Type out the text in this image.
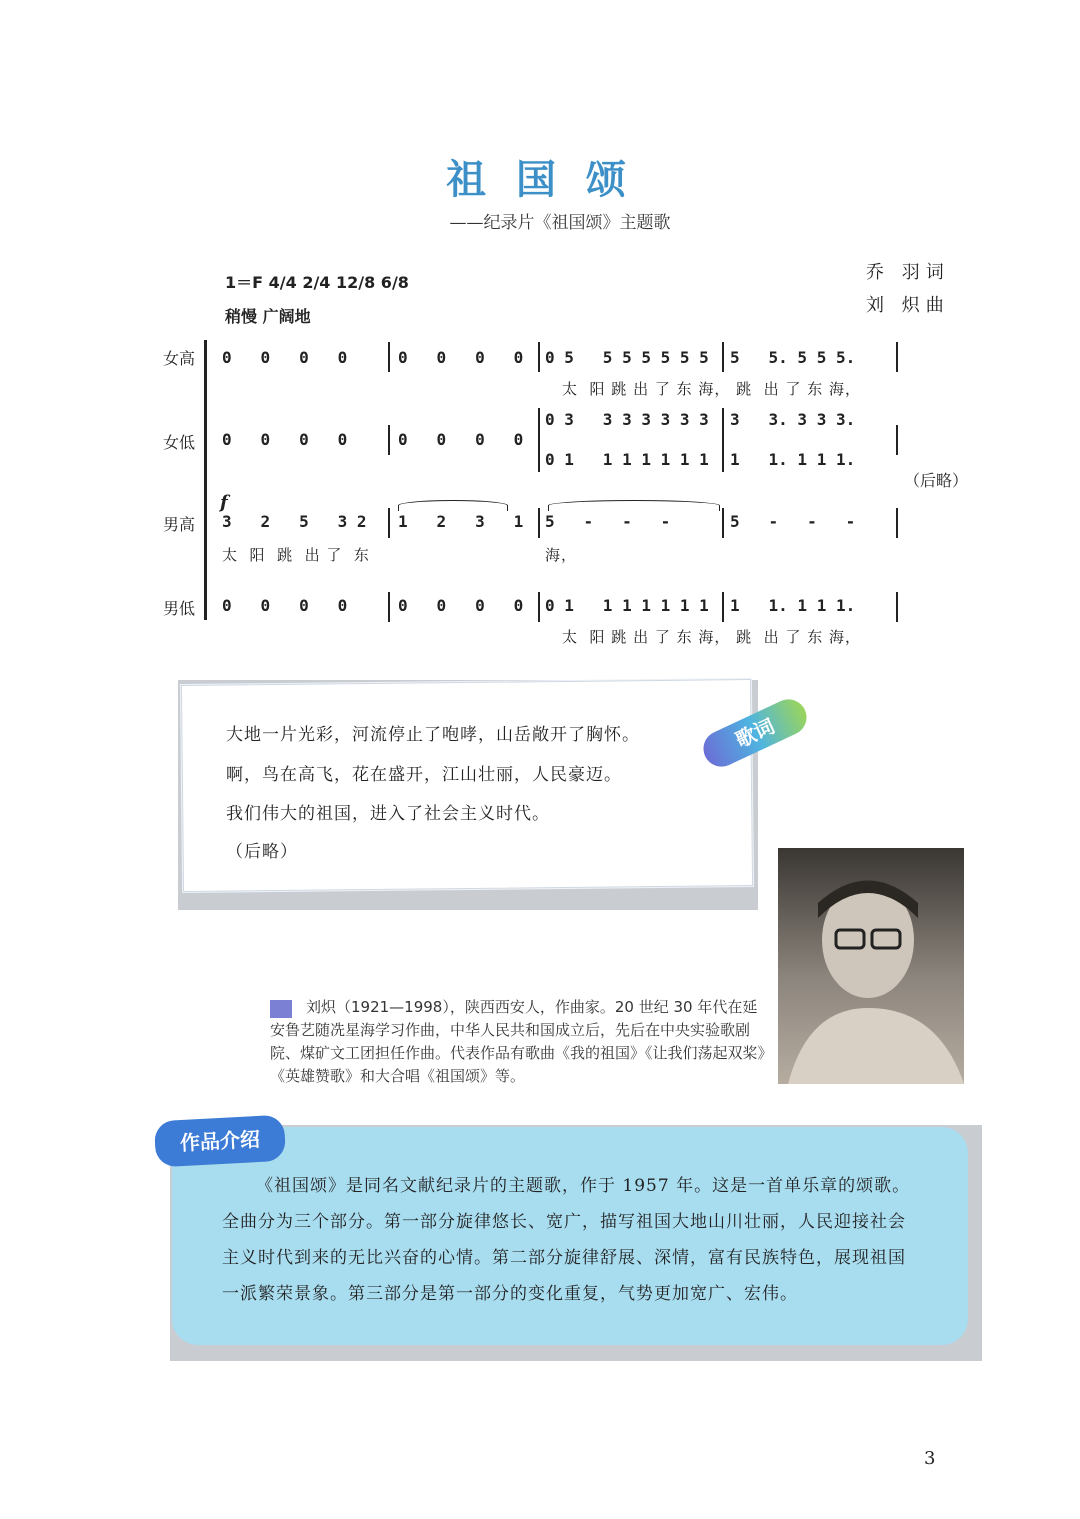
祖 国 颂
——纪录片《祖国颂》主题歌
乔 羽词
刘 炽曲
1＝F 4/4 2/4 12/8 6/8
稍慢 广阔地
女高
女低
男高
男低
0   0   0   0	0   0   0   0 0 5   5 5 5 5 5 5 5   5. 5 5 5.
太  阳 跳 出 了 东 海， 跳  出 了 东 海，
0   0   0   0	0   0   0   0
0 3   3 3 3 3 3 3 3   3. 3 3 3.
0 1   1 1 1 1 1 1 1   1. 1 1 1.
（后略）
f
3   2   5   3 2 1   2   3   1 5   -   -   -	5   -   -   -
太  阳  跳  出 了  东	海，
0   0   0   0	0   0   0   0 0 1   1 1 1 1 1 1 1   1. 1 1 1.
太  阳 跳 出 了 东 海， 跳  出 了 东 海，
大地一片光彩，河流停止了咆哮，山岳敞开了胸怀。
啊，鸟在高飞，花在盛开，江山壮丽，人民豪迈。
我们伟大的祖国，进入了社会主义时代。
（后略）
歌词
刘炽（1921—1998），陕西西安人，作曲家。20 世纪 30 年代在延安鲁艺随冼星海学习作曲，中华人民共和国成立后，先后在中央实验歌剧院、煤矿文工团担任作曲。代表作品有歌曲《我的祖国》《让我们荡起双桨》《英雄赞歌》和大合唱《祖国颂》等。
作品介绍
《祖国颂》是同名文献纪录片的主题歌，作于 1957 年。这是一首单乐章的颂歌。全曲分为三个部分。第一部分旋律悠长、宽广，描写祖国大地山川壮丽，人民迎接社会主义时代到来的无比兴奋的心情。第二部分旋律舒展、深情，富有民族特色，展现祖国一派繁荣景象。第三部分是第一部分的变化重复，气势更加宽广、宏伟。
3
